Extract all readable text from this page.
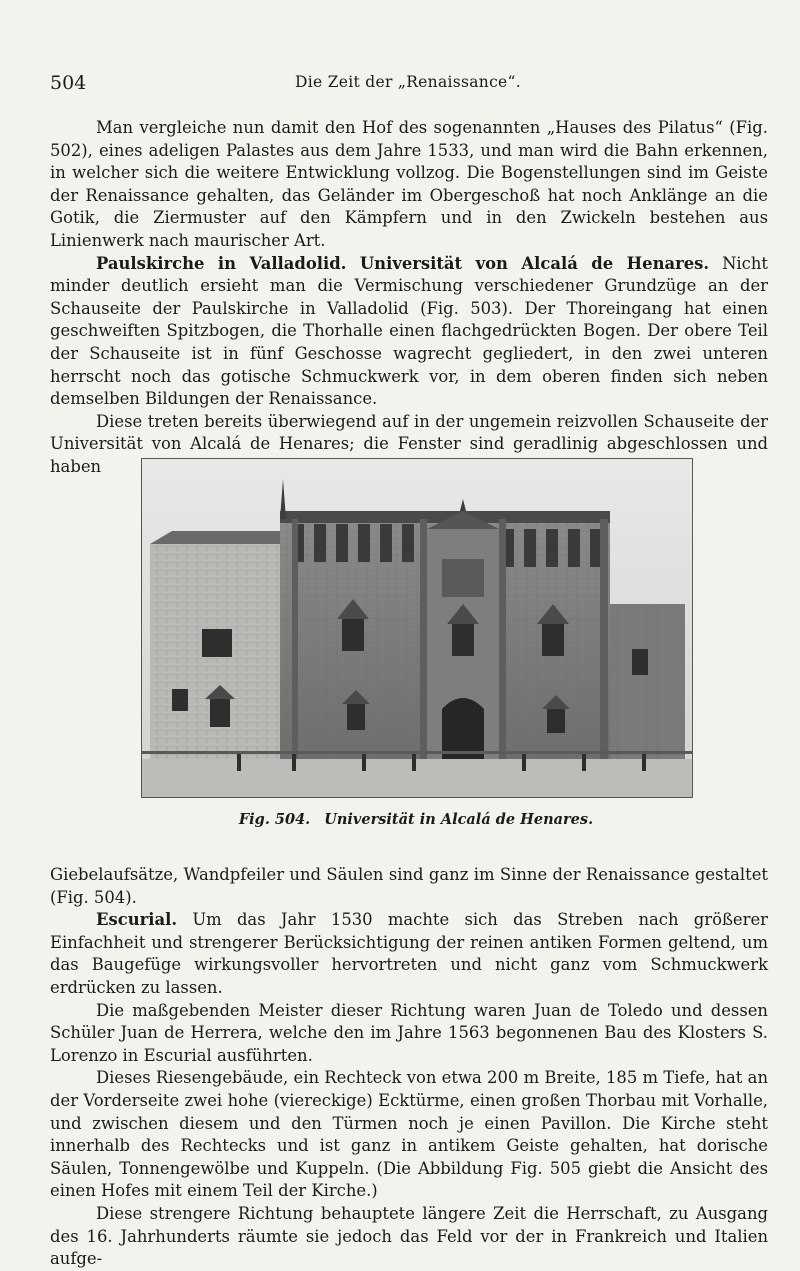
504	Die Zeit der „Renaissance“.

Man vergleiche nun damit den Hof des sogenannten „Hauses des Pilatus“ (Fig. 502), eines adeligen Palastes aus dem Jahre 1533, und man wird die Bahn erkennen, in welcher sich die weitere Entwicklung vollzog. Die Bogenstellungen sind im Geiste der Renaissance gehalten, das Geländer im Obergeschoß hat noch Anklänge an die Gotik, die Ziermuster auf den Kämpfern und in den Zwickeln bestehen aus Linienwerk nach maurischer Art.

Paulskirche in Valladolid. Universität von Alcalá de Henares. Nicht minder deutlich ersieht man die Vermischung verschiedener Grundzüge an der Schauseite der Paulskirche in Valladolid (Fig. 503). Der Thoreingang hat einen geschweiften Spitzbogen, die Thorhalle einen flachgedrückten Bogen. Der obere Teil der Schauseite ist in fünf Geschosse wagrecht gegliedert, in den zwei unteren herrscht noch das gotische Schmuckwerk vor, in dem oberen finden sich neben demselben Bildungen der Renaissance.

Diese treten bereits überwiegend auf in der ungemein reizvollen Schauseite der Universität von Alcalá de Henares; die Fenster sind geradlinig abgeschlossen und haben

Fig. 504. Universität in Alcalá de Henares.

Giebelaufsätze, Wandpfeiler und Säulen sind ganz im Sinne der Renaissance gestaltet (Fig. 504).

Escurial. Um das Jahr 1530 machte sich das Streben nach größerer Einfachheit und strengerer Berücksichtigung der reinen antiken Formen geltend, um das Baugefüge wirkungsvoller hervortreten und nicht ganz vom Schmuckwerk erdrücken zu lassen.

Die maßgebenden Meister dieser Richtung waren Juan de Toledo und dessen Schüler Juan de Herrera, welche den im Jahre 1563 begonnenen Bau des Klosters S. Lorenzo in Escurial ausführten.

Dieses Riesengebäude, ein Rechteck von etwa 200 m Breite, 185 m Tiefe, hat an der Vorderseite zwei hohe (viereckige) Ecktürme, einen großen Thorbau mit Vorhalle, und zwischen diesem und den Türmen noch je einen Pavillon. Die Kirche steht innerhalb des Rechtecks und ist ganz in antikem Geiste gehalten, hat dorische Säulen, Tonnengewölbe und Kuppeln. (Die Abbildung Fig. 505 giebt die Ansicht des einen Hofes mit einem Teil der Kirche.)

Diese strengere Richtung behauptete längere Zeit die Herrschaft, zu Ausgang des 16. Jahrhunderts räumte sie jedoch das Feld vor der in Frankreich und Italien aufge-
